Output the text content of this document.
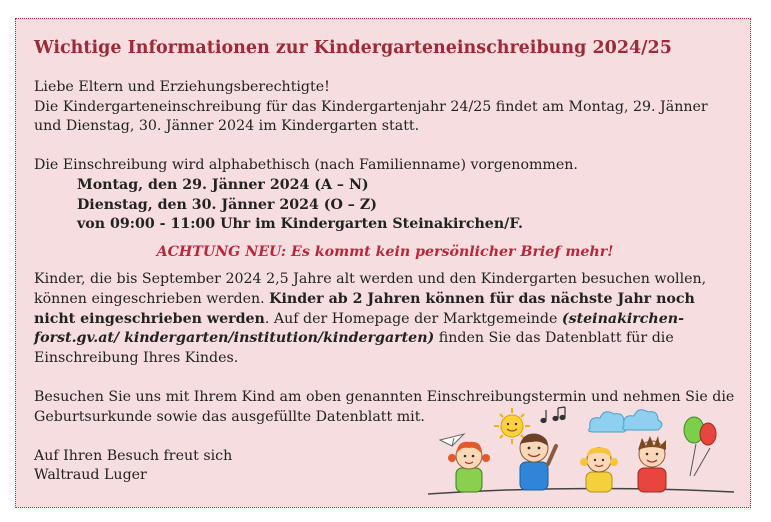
Wichtige Informationen zur Kindergarteneinschreibung 2024/25

Liebe Eltern und Erziehungsberechtigte!

Die Kindergarteneinschreibung für das Kindergartenjahr 24/25 findet am Montag, 29. Jänner und Dienstag, 30. Jänner 2024 im Kindergarten statt.

Die Einschreibung wird alphabethisch (nach Familienname) vorgenommen.

Montag, den 29. Jänner 2024 (A – N)

Dienstag, den 30. Jänner 2024 (O – Z)

von 09:00 - 11:00 Uhr im Kindergarten Steinakirchen/F.

ACHTUNG NEU: Es kommt kein persönlicher Brief mehr!

Kinder, die bis September 2024 2,5 Jahre alt werden und den Kindergarten besuchen wollen, können eingeschrieben werden. Kinder ab 2 Jahren können für das nächste Jahr noch nicht eingeschrieben werden. Auf der Homepage der Marktgemeinde (steinakirchen-forst.gv.at/ kindergarten/institution/kindergarten) finden Sie das Datenblatt für die Einschreibung Ihres Kindes.

Besuchen Sie uns mit Ihrem Kind am oben genannten Einschreibungstermin und nehmen Sie die Geburtsurkunde sowie das ausgefüllte Datenblatt mit.

Auf Ihren Besuch freut sich

Waltraud Luger
